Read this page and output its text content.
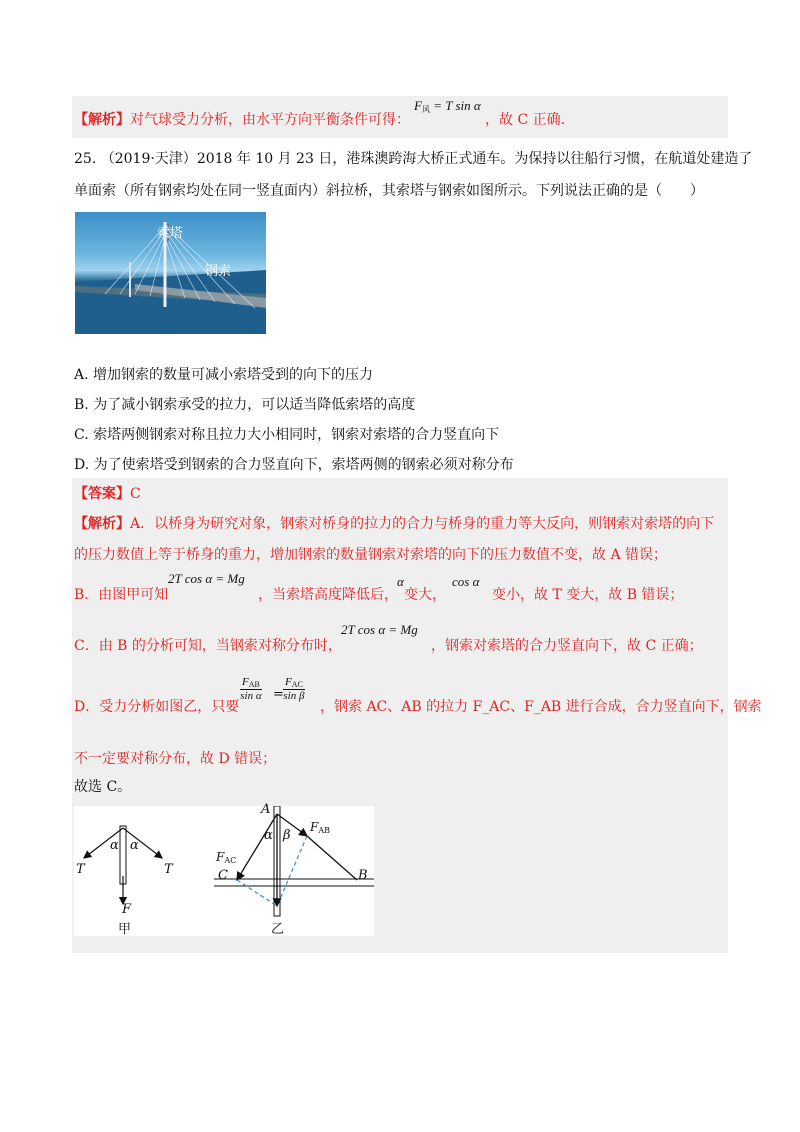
【解析】对气球受力分析，由水平方向平衡条件可得：
$F_风 = T$ sin α
，故 C 正确.
25. （2019·天津）2018 年 10 月 23 日，港珠澳跨海大桥正式通车。为保持以往船行习惯，在航道处建造了
单面索（所有钢索均处在同一竖直面内）斜拉桥，其索塔与钢索如图所示。下列说法正确的是（　　）
索塔
钢索
A. 增加钢索的数量可减小索塔受到的向下的压力
B. 为了减小钢索承受的拉力，可以适当降低索塔的高度
C. 索塔两侧钢索对称且拉力大小相同时，钢索对索塔的合力竖直向下
D. 为了使索塔受到钢索的合力竖直向下，索塔两侧的钢索必须对称分布
【答案】C
【解析】A．以桥身为研究对象，钢索对桥身的拉力的合力与桥身的重力等大反向，则钢索对索塔的向下
的压力数值上等于桥身的重力，增加钢索的数量钢索对索塔的向下的压力数值不变，故 A 错误；
B．由图甲可知
2T cos α = Mg
，当索塔高度降低后，
α
变大，
cos α
变小，故 T 变大，故 B 错误；
C．由 B 的分析可知，当钢索对称分布时，
2T cos α = Mg
，钢索对索塔的合力竖直向下，故 C 正确；
D．受力分析如图乙，只要
$F_{AB}$
sin α =
$F_{AC}$
sin β
，钢索 AC、AB 的拉力 F_AC、F_AB 进行合成，合力竖直向下，钢索
不一定要对称分布，故 D 错误；
故选 C。
α α
T	T
F
甲
A
B
C
α β
$F_{AB}$
$F_{AC}$
乙
